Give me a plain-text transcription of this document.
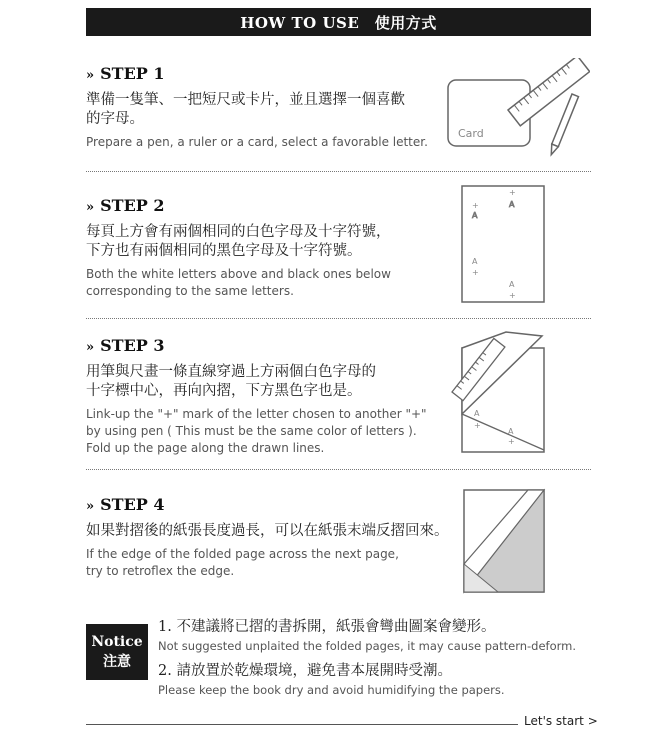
HOW TO USE　使用方式
» STEP 1

準備一隻筆、一把短尺或卡片，並且選擇一個喜歡
的字母。

Prepare a pen, a ruler or a card, select a favorable letter.

Card
» STEP 2

每頁上方會有兩個相同的白色字母及十字符號，
下方也有兩個相同的黑色字母及十字符號。

Both the white letters above and black ones below
corresponding to the same letters.

+
A
+
A
A
+
A
+
» STEP 3

用筆與尺畫一條直線穿過上方兩個白色字母的
十字標中心，再向內摺，下方黑色字也是。

Link-up the "+" mark of the letter chosen to another "+"
by using pen ( This must be the same color of letters ).
Fold up the page along the drawn lines.

A
+
A
+
» STEP 4

如果對摺後的紙張長度過長，可以在紙張末端反摺回來。

If the edge of the folded page across the next page,
try to retroflex the edge.

Notice
注意

1. 不建議將已摺的書拆開，紙張會彎曲圖案會變形。

Not suggested unplaited the folded pages, it may cause pattern-deform.

2. 請放置於乾燥環境，避免書本展開時受潮。

Please keep the book dry and avoid humidifying the papers.

Let's start >
